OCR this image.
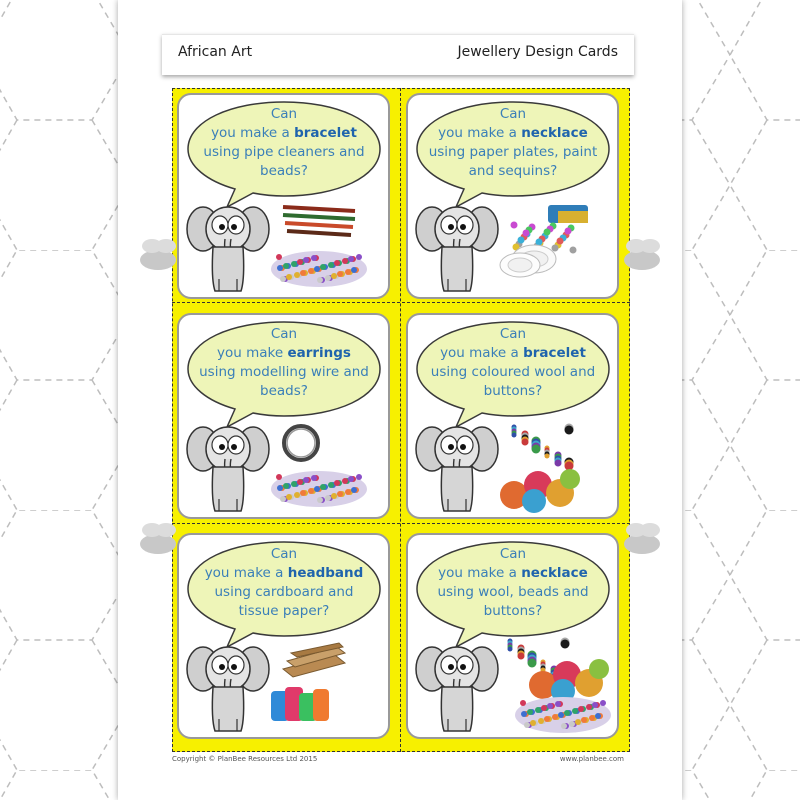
African Art	Jewellery Design Cards
Can
you make a bracelet
using pipe cleaners and
beads?
Can
you make a necklace
using paper plates, paint
and sequins?
Can
you make earrings
using modelling wire and
beads?
Can
you make a bracelet
using coloured wool and
buttons?
Can
you make a headband
using cardboard and
tissue paper?
Can
you make a necklace
using wool, beads and
buttons?
Copyright © PlanBee Resources Ltd 2015	www.planbee.com
